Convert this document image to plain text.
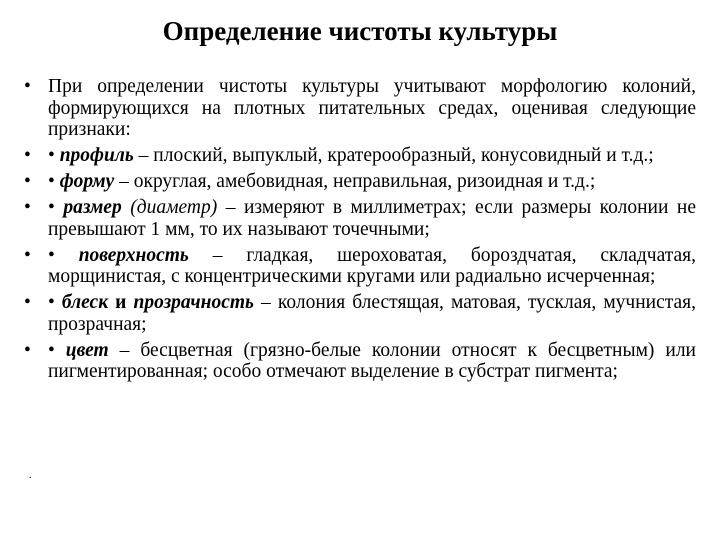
Определение чистоты культуры
• При определении чистоты культуры учитывают морфологию колоний, формирующихся на плотных питательных средах, оценивая следующие признаки:
• • профиль – плоский, выпуклый, кратерообразный, конусовидный и т.д.;
• • форму – округлая, амебовидная, неправильная, ризоидная и т.д.;
• • размер (диаметр) – измеряют в миллиметрах; если размеры колонии не превышают 1 мм, то их называют точечными;
• • поверхность – гладкая, шероховатая, бороздчатая, складчатая, морщинистая, с концентрическими кругами или радиально исчерченная;
• • блеск и прозрачность – колония блестящая, матовая, тусклая, мучнистая, прозрачная;
• • цвет – бесцветная (грязно-белые колонии относят к бесцветным) или пигментированная; особо отмечают выделение в субстрат пигмента;
.
